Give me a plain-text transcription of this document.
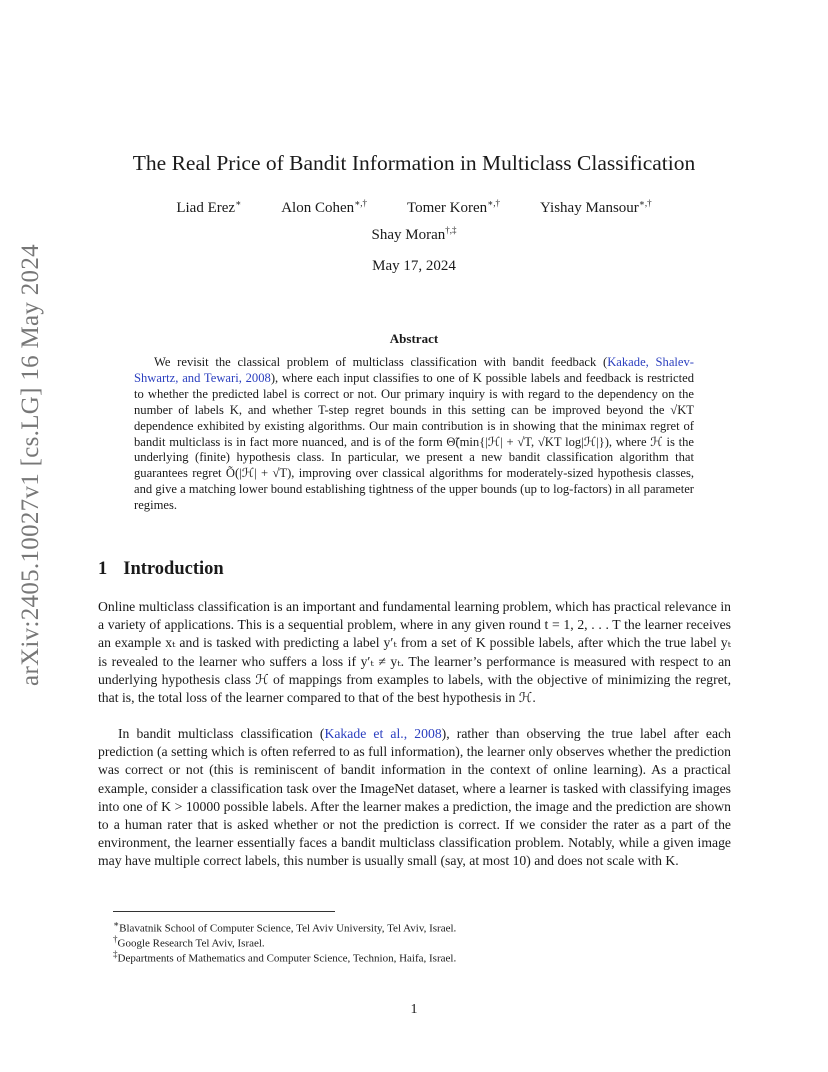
arXiv:2405.10027v1 [cs.LG] 16 May 2024
The Real Price of Bandit Information in Multiclass Classification
Liad Erez∗	Alon Cohen∗,†	Tomer Koren∗,†	Yishay Mansour∗,†
Shay Moran†,‡
May 17, 2024
Abstract

We revisit the classical problem of multiclass classification with bandit feedback (Kakade, Shalev-Shwartz, and Tewari, 2008), where each input classifies to one of K possible labels and feedback is restricted to whether the predicted label is correct or not. Our primary inquiry is with regard to the dependency on the number of labels K, and whether T-step regret bounds in this setting can be improved beyond the √KT dependence exhibited by existing algorithms. Our main contribution is in showing that the minimax regret of bandit multiclass is in fact more nuanced, and is of the form Θ̃(min{|ℋ| + √T, √KT log|ℋ|}), where ℋ is the underlying (finite) hypothesis class. In particular, we present a new bandit classification algorithm that guarantees regret Õ(|ℋ| + √T), improving over classical algorithms for moderately-sized hypothesis classes, and give a matching lower bound establishing tightness of the upper bounds (up to log-factors) in all parameter regimes.

1 Introduction

Online multiclass classification is an important and fundamental learning problem, which has practical relevance in a variety of applications. This is a sequential problem, where in any given round t = 1, 2, . . . T the learner receives an example xₜ and is tasked with predicting a label y′ₜ from a set of K possible labels, after which the true label yₜ is revealed to the learner who suffers a loss if y′ₜ ≠ yₜ. The learner’s performance is measured with respect to an underlying hypothesis class ℋ of mappings from examples to labels, with the objective of minimizing the regret, that is, the total loss of the learner compared to that of the best hypothesis in ℋ.

In bandit multiclass classification (Kakade et al., 2008), rather than observing the true label after each prediction (a setting which is often referred to as full information), the learner only observes whether the prediction was correct or not (this is reminiscent of bandit information in the context of online learning). As a practical example, consider a classification task over the ImageNet dataset, where a learner is tasked with classifying images into one of K > 10000 possible labels. After the learner makes a prediction, the image and the prediction are shown to a human rater that is asked whether or not the prediction is correct. If we consider the rater as a part of the environment, the learner essentially faces a bandit multiclass classification problem. Notably, while a given image may have multiple correct labels, this number is usually small (say, at most 10) and does not scale with K.

∗Blavatnik School of Computer Science, Tel Aviv University, Tel Aviv, Israel.
†Google Research Tel Aviv, Israel.
‡Departments of Mathematics and Computer Science, Technion, Haifa, Israel.
1
